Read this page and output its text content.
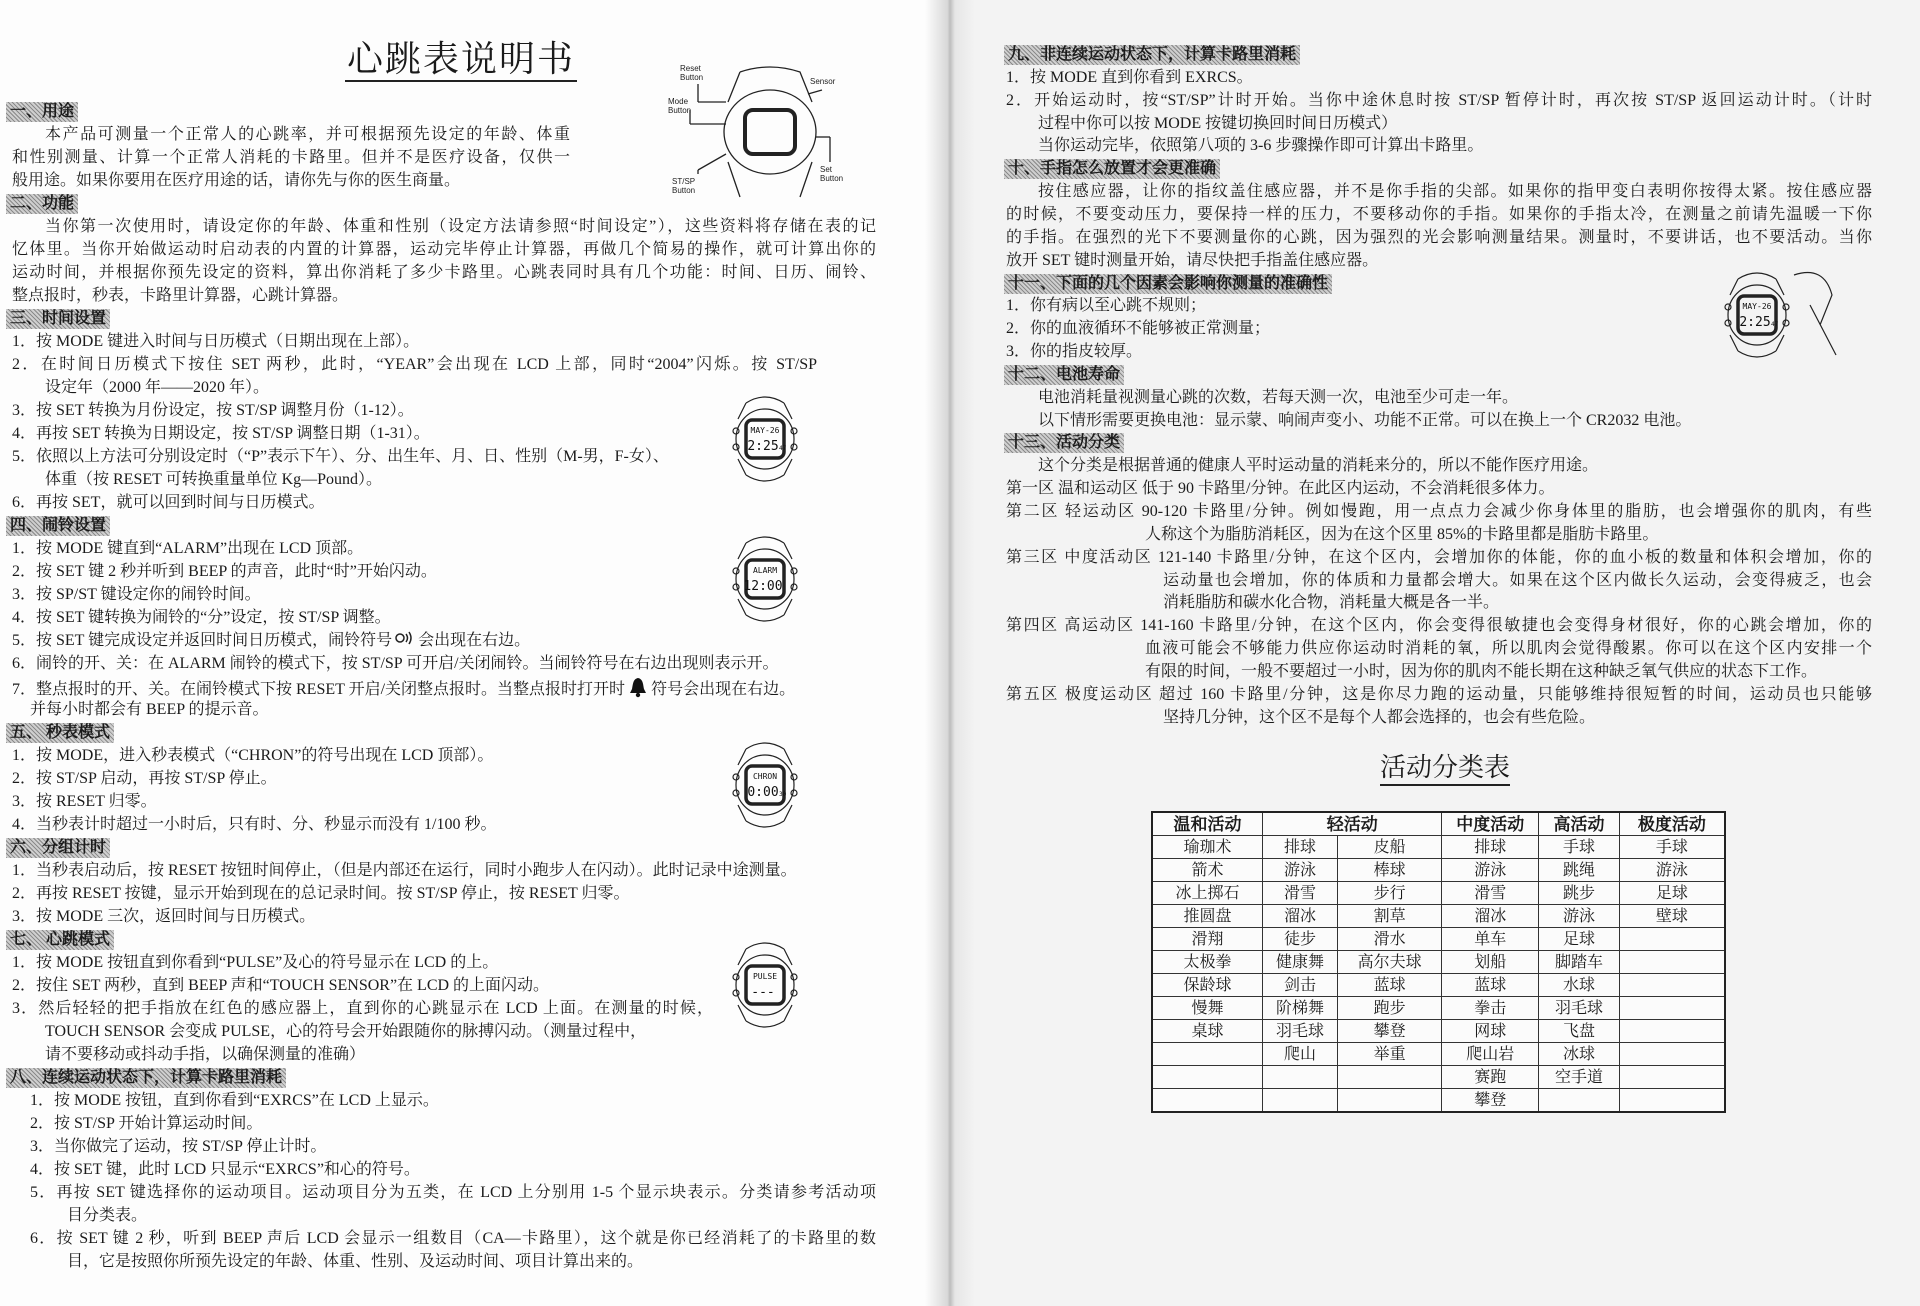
心跳表说明书	Reset
Button
Mode
Button
ST/SP
Button
Sensor
Set
Button
一、用途
本产品可测量一个正常人的心跳率，并可根据预先设定的年龄、体重
和性别测量、计算一个正常人消耗的卡路里。但并不是医疗设备，仅供一
般用途。如果你要用在医疗用途的话，请你先与你的医生商量。
二、功能
当你第一次使用时，请设定你的年龄、体重和性别（设定方法请参照“时间设定”），这些资料将存储在表的记
忆体里。当你开始做运动时启动表的内置的计算器，运动完毕停止计算器，再做几个简易的操作，就可计算出你的
运动时间，并根据你预先设定的资料，算出你消耗了多少卡路里。心跳表同时具有几个功能：时间、日历、闹铃、
整点报时，秒表，卡路里计算器，心跳计算器。
三、时间设置
1．按 MODE 键进入时间与日历模式（日期出现在上部）。
2．在时间日历模式下按住 SET 两秒，此时，“YEAR”会出现在 LCD 上部，同时“2004”闪烁。按 ST/SP
设定年（2000 年——2020 年）。
3．按 SET 转换为月份设定，按 ST/SP 调整月份（1-12）。
4．再按 SET 转换为日期设定，按 ST/SP 调整日期（1-31）。
5．依照以上方法可分别设定时（“P”表示下午）、分、出生年、月、日、性别（M-男，F-女）、
体重（按 RESET 可转换重量单位 Kg—Pound）。
6．再按 SET，就可以回到时间与日历模式。
四、闹铃设置
1．按 MODE 键直到“ALARM”出现在 LCD 顶部。
2．按 SET 键 2 秒并听到 BEEP 的声音，此时“时”开始闪动。
3．按 SP/ST 键设定你的闹铃时间。
4．按 SET 键转换为闹铃的“分”设定，按 ST/SP 调整。
5．按 SET 键完成设定并返回时间日历模式，闹铃符号 会出现在右边。
6．闹铃的开、关：在 ALARM 闹铃的模式下，按 ST/SP 可开启/关闭闹铃。当闹铃符号在右边出现则表示开。
7．整点报时的开、关。在闹铃模式下按 RESET 开启/关闭整点报时。当整点报时打开时 符号会出现在右边。
并每小时都会有 BEEP 的提示音。
五、 秒表模式
1．按 MODE，进入秒表模式（“CHRON”的符号出现在 LCD 顶部）。
2．按 ST/SP 启动，再按 ST/SP 停止。
3．按 RESET 归零。
4．当秒表计时超过一小时后，只有时、分、秒显示而没有 1/100 秒。
六、分组计时
1．当秒表启动后，按 RESET 按钮时间停止，（但是内部还在运行，同时小跑步人在闪动）。此时记录中途测量。
2．再按 RESET 按键，显示开始到现在的总记录时间。按 ST/SP 停止，按 RESET 归零。
3．按 MODE 三次，返回时间与日历模式。
七、 心跳模式
1．按 MODE 按钮直到你看到“PULSE”及心的符号显示在 LCD 的上。
2．按住 SET 两秒，直到 BEEP 声和“TOUCH SENSOR”在 LCD 的上面闪动。
3．然后轻轻的把手指放在红色的感应器上，直到你的心跳显示在 LCD 上面。在测量的时候，
TOUCH SENSOR 会变成 PULSE，心的符号会开始跟随你的脉搏闪动。（测量过程中，
请不要移动或抖动手指，以确保测量的准确）
八、连续运动状态下，计算卡路里消耗
1．按 MODE 按钮，直到你看到“EXRCS”在 LCD 上显示。
2．按 ST/SP 开始计算运动时间。
3．当你做完了运动，按 ST/SP 停止计时。
4．按 SET 键，此时 LCD 只显示“EXRCS”和心的符号。
5．再按 SET 键选择你的运动项目。运动项目分为五类，在 LCD 上分别用 1-5 个显示块表示。分类请参考活动项
目分类表。
6．按 SET 键 2 秒，听到 BEEP 声后 LCD 会显示一组数目（CA—卡路里），这个就是你已经消耗了的卡路里的数
目，它是按照你所预先设定的年龄、体重、性别、及运动时间、项目计算出来的。
九、非连续运动状态下，计算卡路里消耗
1．按 MODE 直到你看到 EXRCS。
2．开始运动时，按“ST/SP”计时开始。当你中途休息时按 ST/SP 暂停计时，再次按 ST/SP 返回运动计时。（计时
过程中你可以按 MODE 按键切换回时间日历模式）
当你运动完毕，依照第八项的 3-6 步骤操作即可计算出卡路里。
十、手指怎么放置才会更准确
按住感应器，让你的指纹盖住感应器，并不是你手指的尖部。如果你的指甲变白表明你按得太紧。按住感应器
的时候，不要变动压力，要保持一样的压力，不要移动你的手指。如果你的手指太冷，在测量之前请先温暖一下你
的手指。在强烈的光下不要测量你的心跳，因为强烈的光会影响测量结果。测量时，不要讲话，也不要活动。当你
放开 SET 键时测量开始，请尽快把手指盖住感应器。
十一、下面的几个因素会影响你测量的准确性
1．你有病以至心跳不规则；
2．你的血液循环不能够被正常测量；
3．你的指皮较厚。
十二、电池寿命
电池消耗量视测量心跳的次数，若每天测一次，电池至少可走一年。
以下情形需要更换电池：显示蒙、响闹声变小、功能不正常。可以在换上一个 CR2032 电池。
十三、活动分类
这个分类是根据普通的健康人平时运动量的消耗来分的，所以不能作医疗用途。
第一区 温和运动区 低于 90 卡路里/分钟。在此区内运动，不会消耗很多体力。
第二区 轻运动区 90-120 卡路里/分钟。例如慢跑，用一点点力会减少你身体里的脂肪，也会增强你的肌肉，有些
人称这个为脂肪消耗区，因为在这个区里 85%的卡路里都是脂肪卡路里。
第三区 中度活动区 121-140 卡路里/分钟，在这个区内，会增加你的体能，你的血小板的数量和体积会增加，你的
运动量也会增加，你的体质和力量都会增大。如果在这个区内做长久运动，会变得疲乏，也会
消耗脂肪和碳水化合物，消耗量大概是各一半。
第四区 高运动区 141-160 卡路里/分钟，在这个区内，你会变得很敏捷也会变得身材很好，你的心跳会增加，你的
血液可能会不够能力供应你运动时消耗的氧，所以肌肉会觉得酸累。你可以在这个区内安排一个
有限的时间，一般不要超过一小时，因为你的肌肉不能长期在这种缺乏氧气供应的状态下工作。
第五区 极度运动区 超过 160 卡路里/分钟，这是你尽力跑的运动量，只能够维持很短暂的时间，运动员也只能够
坚持几分钟，这个区不是每个人都会选择的，也会有些危险。
MAY-26
2:25 47
ALARM
12:00
CHRON
0:00 30
PULSE
---
MAY-26
2:25 47
活动分类表
温和活动	轻活动		中度活动	高活动	极度活动
瑜珈术	排球	皮船	排球	手球	手球
箭术	游泳	棒球	游泳	跳绳	游泳
冰上掷石	滑雪	步行	滑雪	跳步	足球
推圆盘	溜冰	割草	溜冰	游泳	壁球
滑翔	徒步	滑水	单车	足球	
太极拳	健康舞	高尔夫球	划船	脚踏车	
保龄球	剑击	蓝球	蓝球	水球	
慢舞	阶梯舞	跑步	拳击	羽毛球	
桌球	羽毛球	攀登	网球	飞盘	
	爬山	举重	爬山岩	冰球	
			赛跑	空手道	
			攀登		
